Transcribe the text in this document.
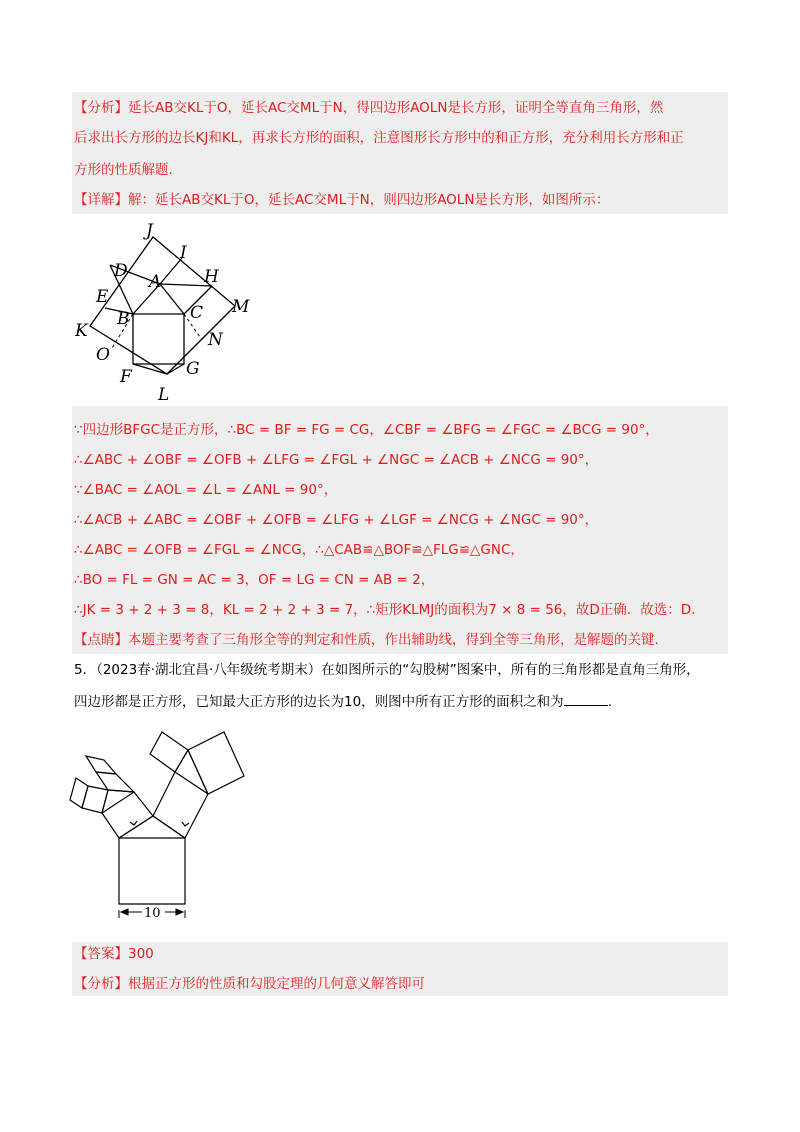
【分析】延长AB交KL于O，延长AC交ML于N，得四边形AOLN是长方形，证明全等直角三角形，然
后求出长方形的边长KJ和KL，再求长方形的面积，注意图形长方形中的和正方形，充分利用长方形和正
方形的性质解题.
【详解】解：延长AB交KL于O，延长AC交ML于N，则四边形AOLN是长方形，如图所示：
J
I
D
A	H
E	M
B	C
K	N
O
F	G
L
∵四边形BFGC是正方形，∴BC = BF = FG = CG，∠CBF = ∠BFG = ∠FGC = ∠BCG = 90°，
∴∠ABC + ∠OBF = ∠OFB + ∠LFG = ∠FGL + ∠NGC = ∠ACB + ∠NCG = 90°，
∵∠BAC = ∠AOL = ∠L = ∠ANL = 90°，
∴∠ACB + ∠ABC = ∠OBF + ∠OFB = ∠LFG + ∠LGF = ∠NCG + ∠NGC = 90°，
∴∠ABC = ∠OFB = ∠FGL = ∠NCG，∴△CAB≌△BOF≌△FLG≌△GNC，
∴BO = FL = GN = AC = 3，OF = LG = CN = AB = 2，
∴JK = 3 + 2 + 3 = 8，KL = 2 + 2 + 3 = 7，∴矩形KLMJ的面积为7 × 8 = 56，故D正确．故选：D.
【点睛】本题主要考查了三角形全等的判定和性质，作出辅助线，得到全等三角形，是解题的关键.
5．（2023春·湖北宜昌·八年级统考期末）在如图所示的“勾股树”图案中，所有的三角形都是直角三角形，
四边形都是正方形，已知最大正方形的边长为10，则图中所有正方形的面积之和为	.
10
【答案】300
【分析】根据正方形的性质和勾股定理的几何意义解答即可
